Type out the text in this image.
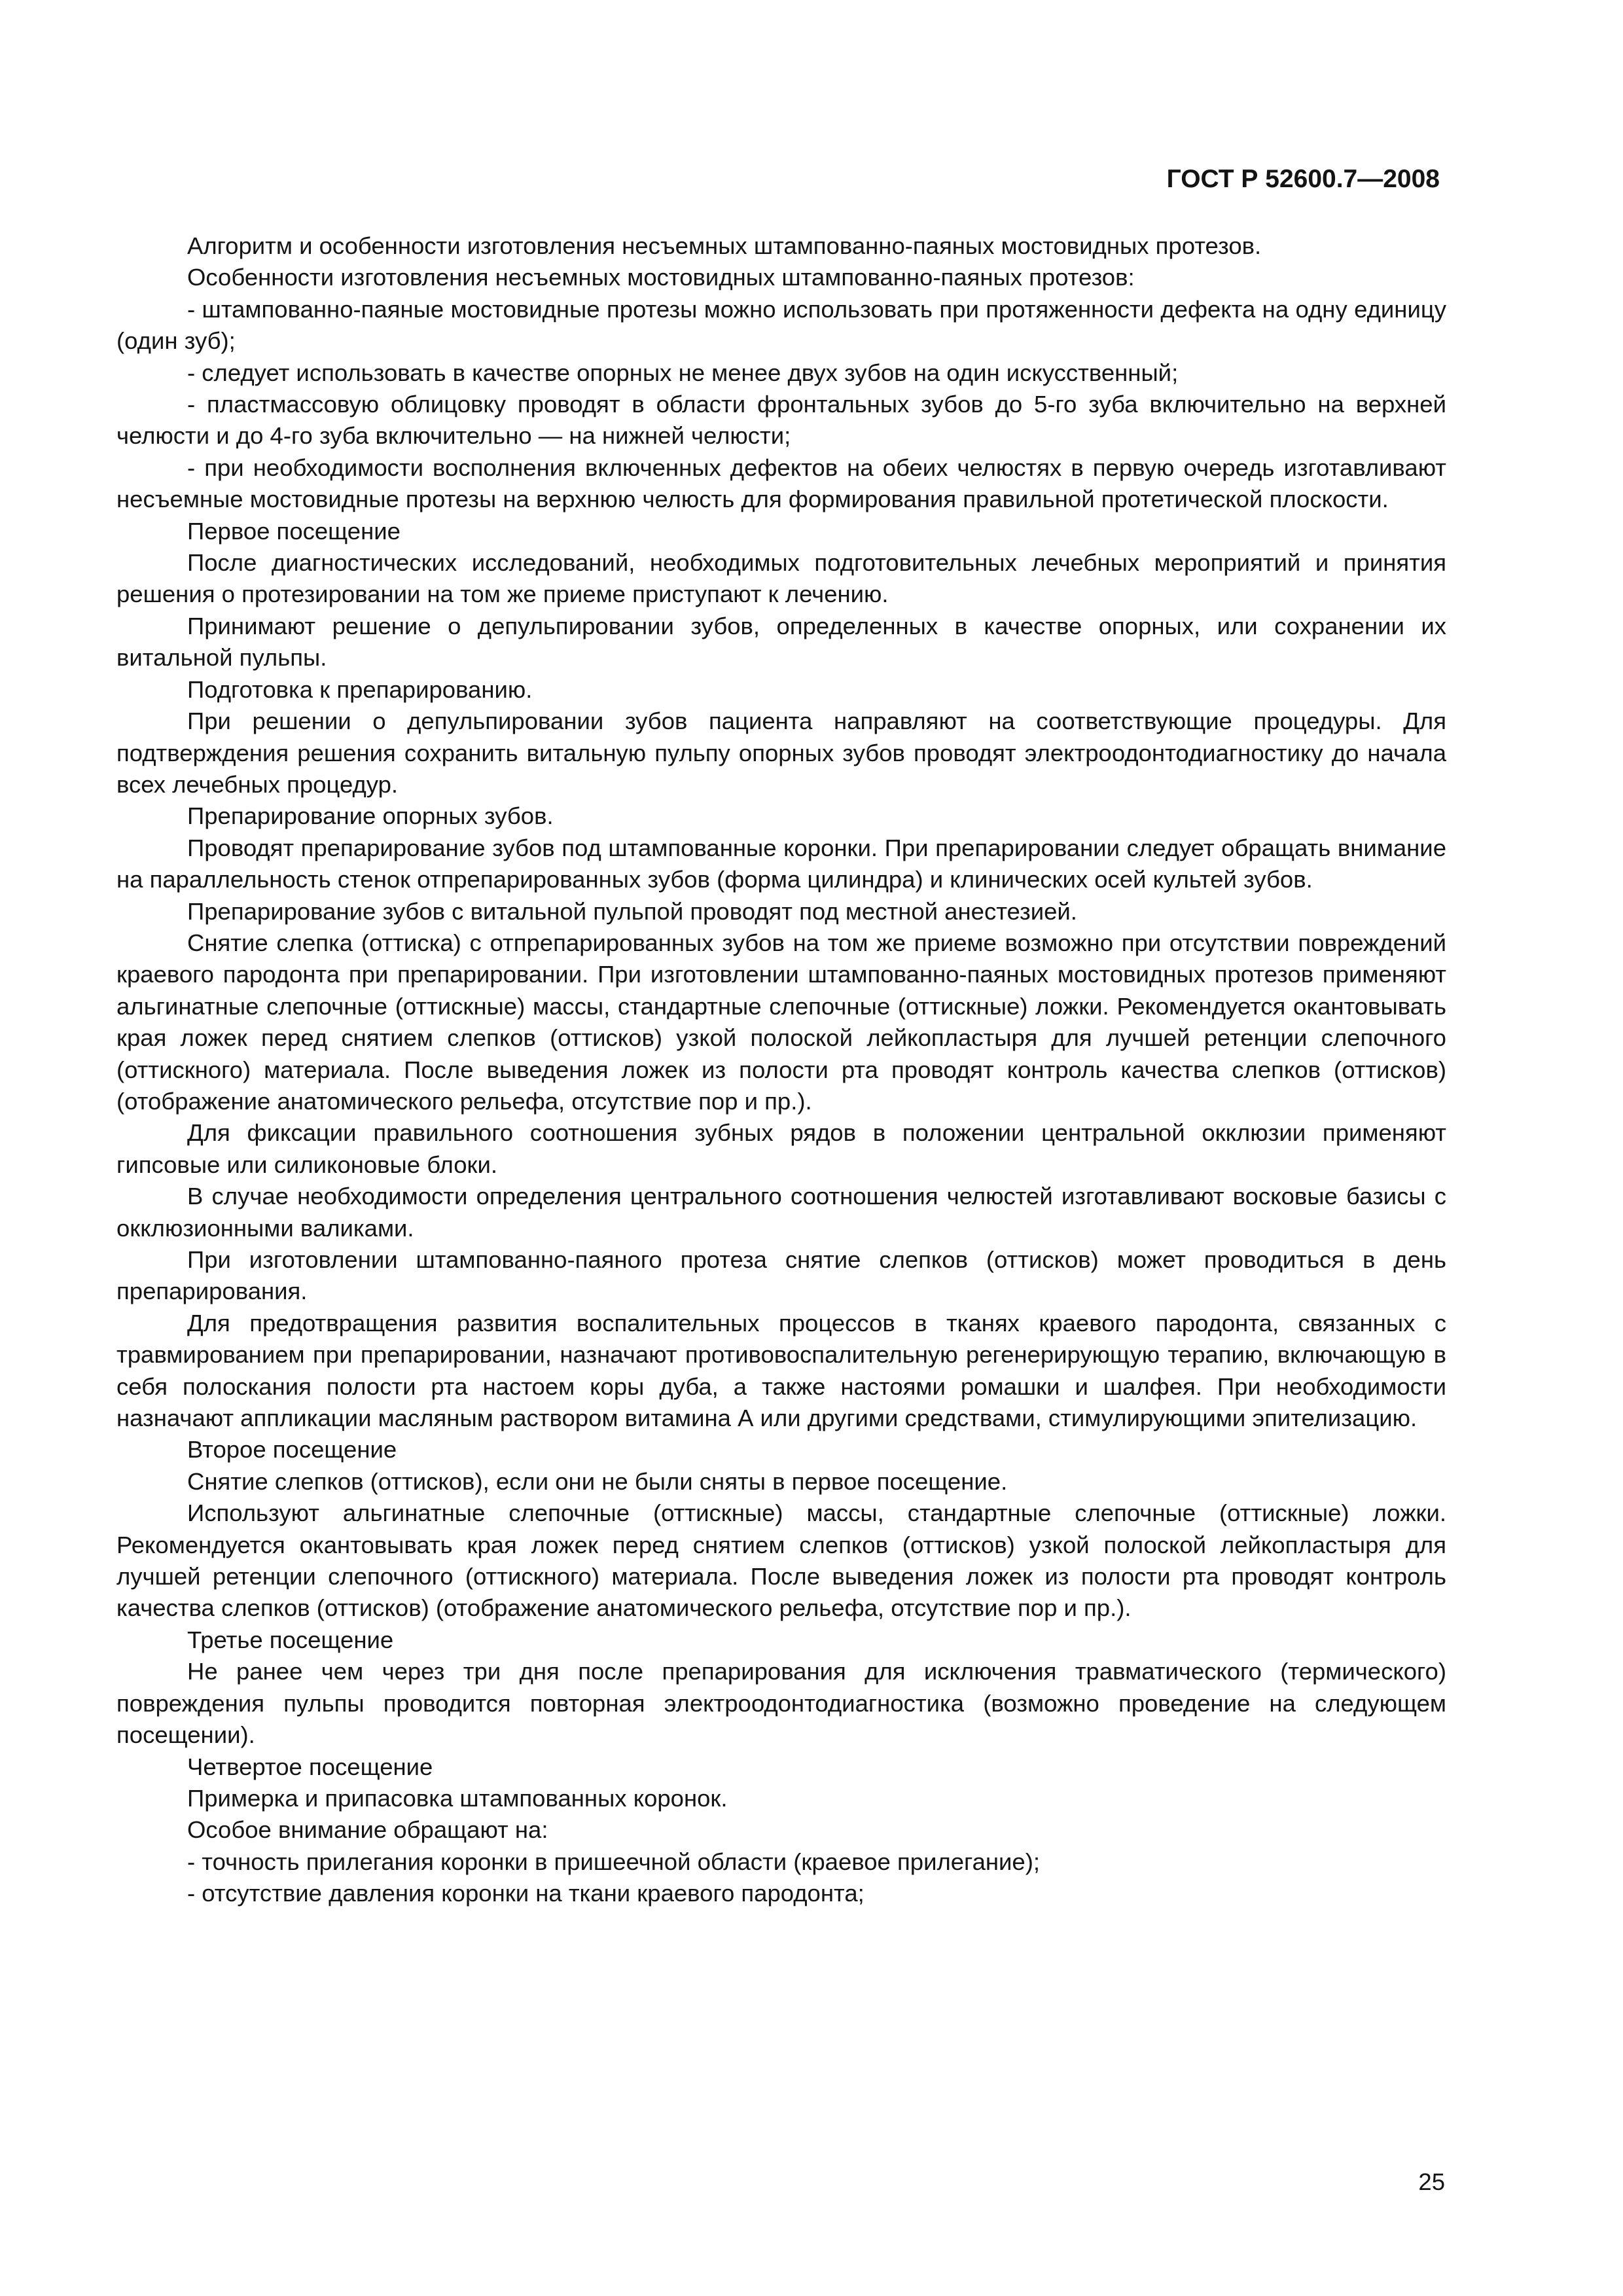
ГОСТ Р 52600.7—2008

Алгоритм и особенности изготовления несъемных штампованно-паяных мостовидных протезов.

Особенности изготовления несъемных мостовидных штампованно-паяных протезов:

- штампованно-паяные мостовидные протезы можно использовать при протяженности дефекта на одну единицу (один зуб);

- следует использовать в качестве опорных не менее двух зубов на один искусственный;

- пластмассовую облицовку проводят в области фронтальных зубов до 5-го зуба включительно на верхней челюсти и до 4-го зуба включительно — на нижней челюсти;

- при необходимости восполнения включенных дефектов на обеих челюстях в первую очередь изготавливают несъемные мостовидные протезы на верхнюю челюсть для формирования правильной протетической плоскости.

Первое посещение

После диагностических исследований, необходимых подготовительных лечебных мероприятий и принятия решения о протезировании на том же приеме приступают к лечению.

Принимают решение о депульпировании зубов, определенных в качестве опорных, или сохранении их витальной пульпы.

Подготовка к препарированию.

При решении о депульпировании зубов пациента направляют на соответствующие процедуры. Для подтверждения решения сохранить витальную пульпу опорных зубов проводят электроодонтодиагностику до начала всех лечебных процедур.

Препарирование опорных зубов.

Проводят препарирование зубов под штампованные коронки. При препарировании следует обращать внимание на параллельность стенок отпрепарированных зубов (форма цилиндра) и клинических осей культей зубов.

Препарирование зубов с витальной пульпой проводят под местной анестезией.

Снятие слепка (оттиска) с отпрепарированных зубов на том же приеме возможно при отсутствии повреждений краевого пародонта при препарировании. При изготовлении штампованно-паяных мостовидных протезов применяют альгинатные слепочные (оттискные) массы, стандартные слепочные (оттискные) ложки. Рекомендуется окантовывать края ложек перед снятием слепков (оттисков) узкой полоской лейкопластыря для лучшей ретенции слепочного (оттискного) материала. После выведения ложек из полости рта проводят контроль качества слепков (оттисков) (отображение анатомического рельефа, отсутствие пор и пр.).

Для фиксации правильного соотношения зубных рядов в положении центральной окклюзии применяют гипсовые или силиконовые блоки.

В случае необходимости определения центрального соотношения челюстей изготавливают восковые базисы с окклюзионными валиками.

При изготовлении штампованно-паяного протеза снятие слепков (оттисков) может проводиться в день препарирования.

Для предотвращения развития воспалительных процессов в тканях краевого пародонта, связанных с травмированием при препарировании, назначают противовоспалительную регенерирующую терапию, включающую в себя полоскания полости рта настоем коры дуба, а также настоями ромашки и шалфея. При необходимости назначают аппликации масляным раствором витамина А или другими средствами, стимулирующими эпителизацию.

Второе посещение

Снятие слепков (оттисков), если они не были сняты в первое посещение.

Используют альгинатные слепочные (оттискные) массы, стандартные слепочные (оттискные) ложки. Рекомендуется окантовывать края ложек перед снятием слепков (оттисков) узкой полоской лейкопластыря для лучшей ретенции слепочного (оттискного) материала. После выведения ложек из полости рта проводят контроль качества слепков (оттисков) (отображение анатомического рельефа, отсутствие пор и пр.).

Третье посещение

Не ранее чем через три дня после препарирования для исключения травматического (термического) повреждения пульпы проводится повторная электроодонтодиагностика (возможно проведение на следующем посещении).

Четвертое посещение

Примерка и припасовка штампованных коронок.

Особое внимание обращают на:

- точность прилегания коронки в пришеечной области (краевое прилегание);

- отсутствие давления коронки на ткани краевого пародонта;

25
